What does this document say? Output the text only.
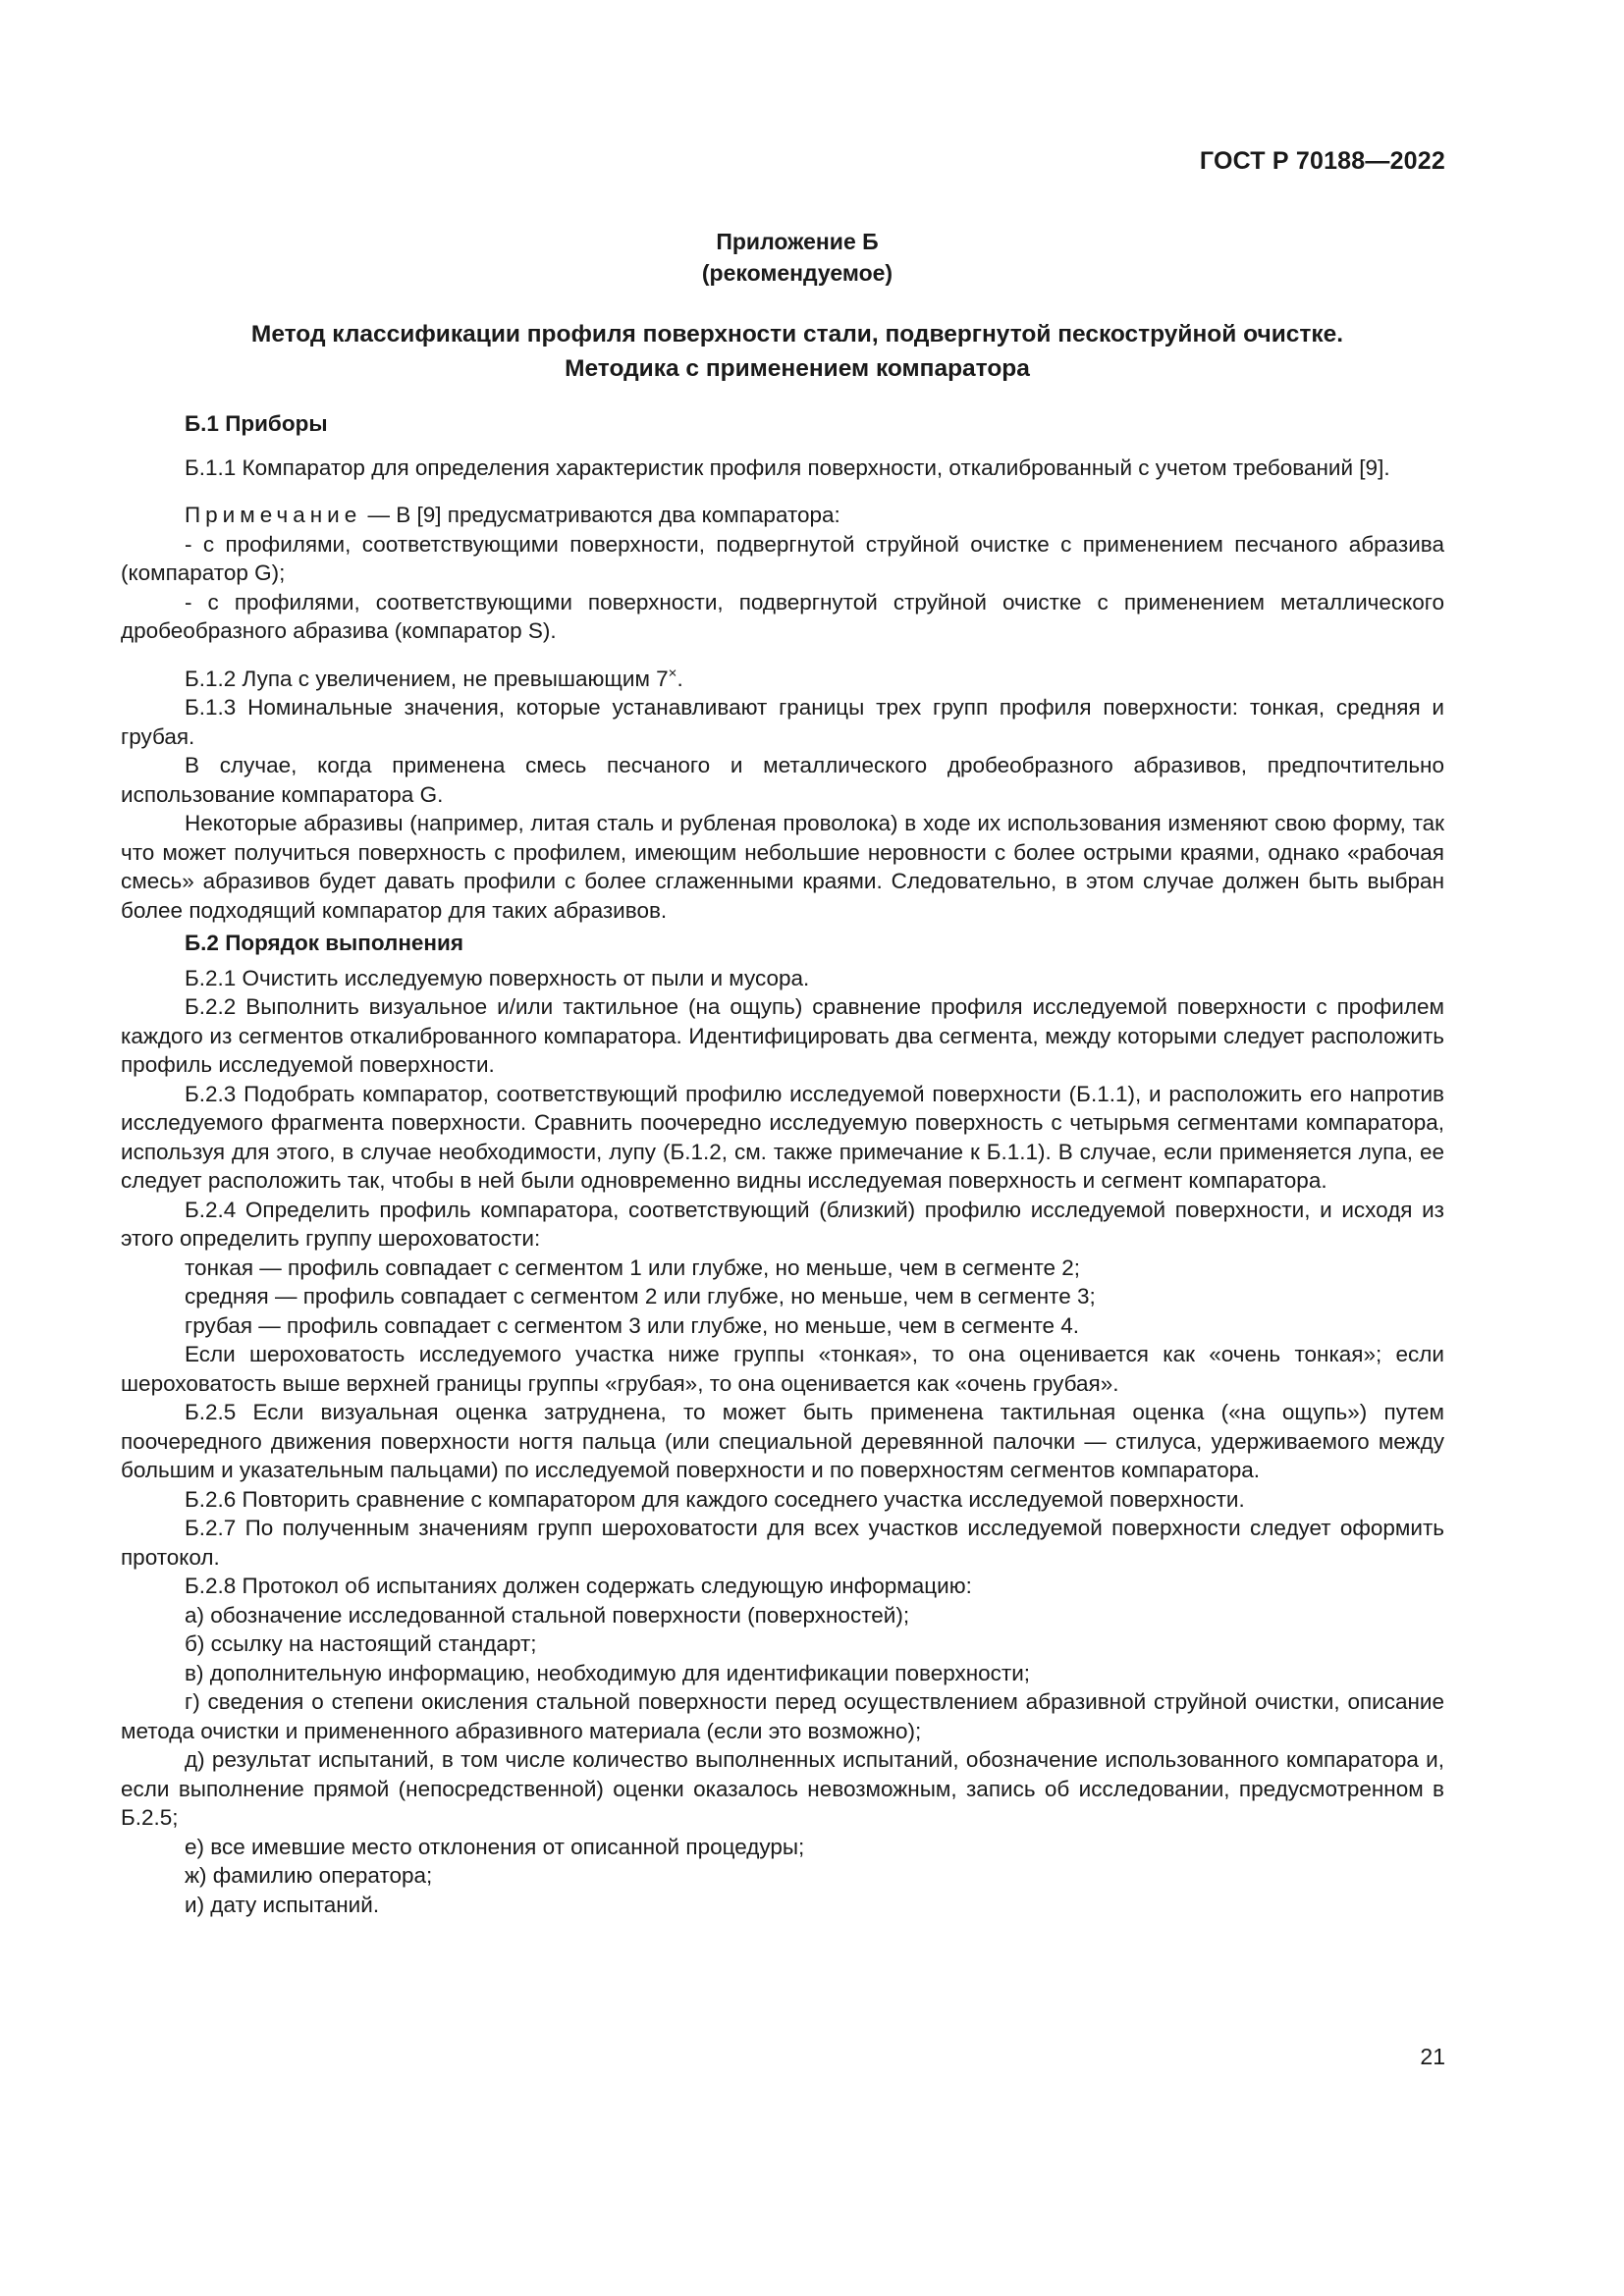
ГОСТ Р 70188—2022
Приложение Б
(рекомендуемое)
Метод классификации профиля поверхности стали, подвергнутой пескоструйной очистке.
Методика с применением компаратора
Б.1 Приборы

Б.1.1 Компаратор для определения характеристик профиля поверхности, откалиброванный с учетом требований [9].

Примечание — В [9] предусматриваются два компаратора:

- с профилями, соответствующими поверхности, подвергнутой струйной очистке с применением песчаного абразива (компаратор G);

- с профилями, соответствующими поверхности, подвергнутой струйной очистке с применением металлического дробеобразного абразива (компаратор S).

Б.1.2 Лупа с увеличением, не превышающим 7×.

Б.1.3 Номинальные значения, которые устанавливают границы трех групп профиля поверхности: тонкая, средняя и грубая.

В случае, когда применена смесь песчаного и металлического дробеобразного абразивов, предпочтительно использование компаратора G.

Некоторые абразивы (например, литая сталь и рубленая проволока) в ходе их использования изменяют свою форму, так что может получиться поверхность с профилем, имеющим небольшие неровности с более острыми краями, однако «рабочая смесь» абразивов будет давать профили с более сглаженными краями. Следовательно, в этом случае должен быть выбран более подходящий компаратор для таких абразивов.

Б.2 Порядок выполнения

Б.2.1 Очистить исследуемую поверхность от пыли и мусора.

Б.2.2 Выполнить визуальное и/или тактильное (на ощупь) сравнение профиля исследуемой поверхности с профилем каждого из сегментов откалиброванного компаратора. Идентифицировать два сегмента, между которыми следует расположить профиль исследуемой поверхности.

Б.2.3 Подобрать компаратор, соответствующий профилю исследуемой поверхности (Б.1.1), и расположить его напротив исследуемого фрагмента поверхности. Сравнить поочередно исследуемую поверхность с четырьмя сегментами компаратора, используя для этого, в случае необходимости, лупу (Б.1.2, см. также примечание к Б.1.1). В случае, если применяется лупа, ее следует расположить так, чтобы в ней были одновременно видны исследуемая поверхность и сегмент компаратора.

Б.2.4 Определить профиль компаратора, соответствующий (близкий) профилю исследуемой поверхности, и исходя из этого определить группу шероховатости:

тонкая — профиль совпадает с сегментом 1 или глубже, но меньше, чем в сегменте 2;

средняя — профиль совпадает с сегментом 2 или глубже, но меньше, чем в сегменте 3;

грубая — профиль совпадает с сегментом 3 или глубже, но меньше, чем в сегменте 4.

Если шероховатость исследуемого участка ниже группы «тонкая», то она оценивается как «очень тонкая»; если шероховатость выше верхней границы группы «грубая», то она оценивается как «очень грубая».

Б.2.5 Если визуальная оценка затруднена, то может быть применена тактильная оценка («на ощупь») путем поочередного движения поверхности ногтя пальца (или специальной деревянной палочки — стилуса, удерживаемого между большим и указательным пальцами) по исследуемой поверхности и по поверхностям сегментов компаратора.

Б.2.6 Повторить сравнение с компаратором для каждого соседнего участка исследуемой поверхности.

Б.2.7 По полученным значениям групп шероховатости для всех участков исследуемой поверхности следует оформить протокол.

Б.2.8 Протокол об испытаниях должен содержать следующую информацию:

а) обозначение исследованной стальной поверхности (поверхностей);

б) ссылку на настоящий стандарт;

в) дополнительную информацию, необходимую для идентификации поверхности;

г) сведения о степени окисления стальной поверхности перед осуществлением абразивной струйной очистки, описание метода очистки и примененного абразивного материала (если это возможно);

д) результат испытаний, в том числе количество выполненных испытаний, обозначение использованного компаратора и, если выполнение прямой (непосредственной) оценки оказалось невозможным, запись об исследовании, предусмотренном в Б.2.5;

е) все имевшие место отклонения от описанной процедуры;

ж) фамилию оператора;

и) дату испытаний.

21
